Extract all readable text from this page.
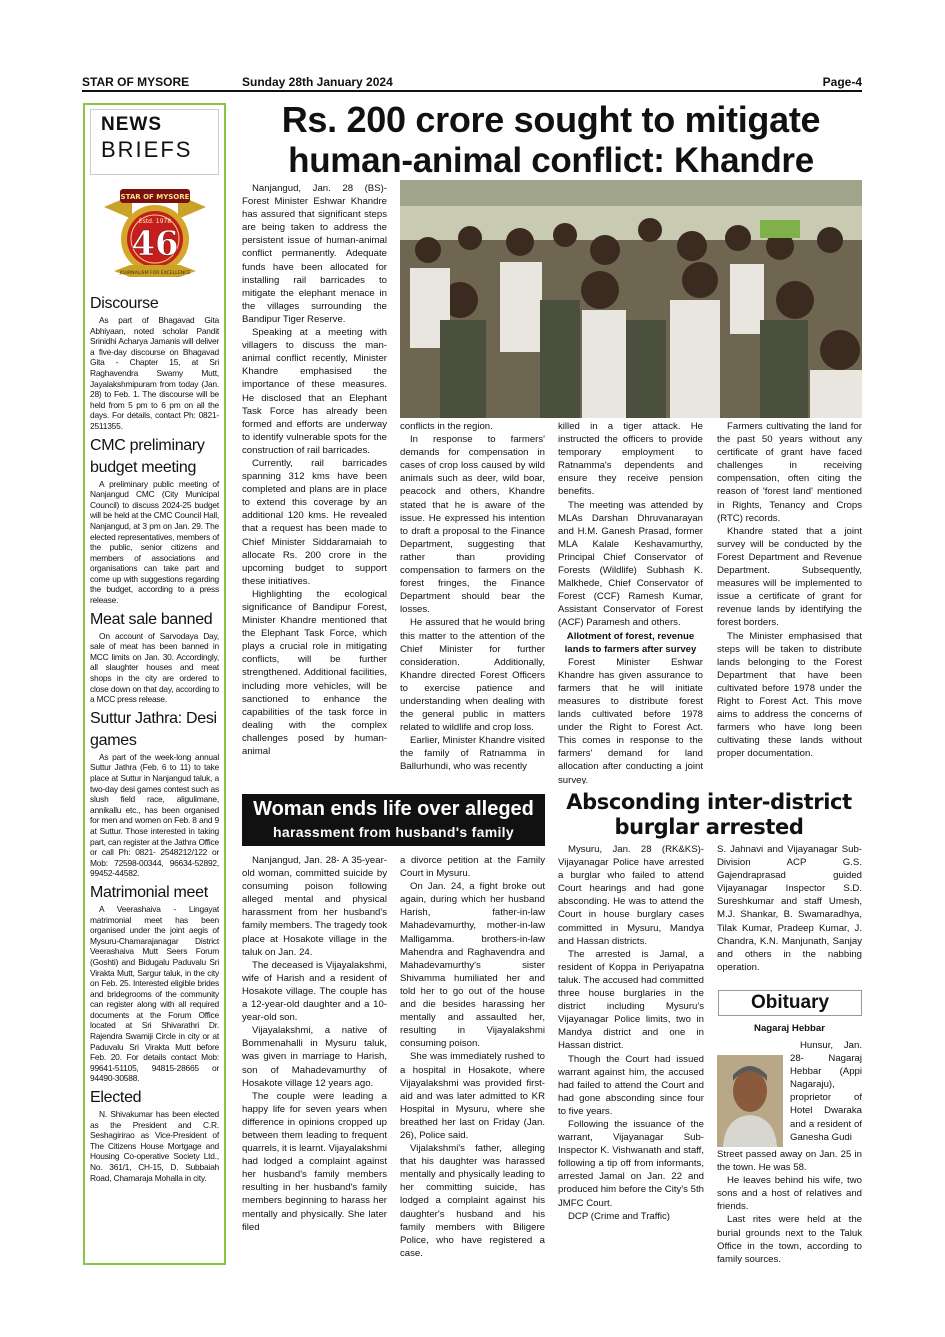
STAR OF MYSORE	Sunday 28th January 2024	Page-4
NEWS
BRIEFS
STAR OF MYSORE
Estd. 1978
46
JOURNALISM FOR EXCELLENCE
Discourse

As part of Bhagavad Gita Abhiyaan, noted scholar Pandit Srinidhi Acharya Jamanis will deliver a five-day discourse on Bhagavad Gita - Chapter 15, at Sri Raghavendra Swamy Mutt, Jayalakshmipuram from today (Jan. 28) to Feb. 1. The discourse will be held from 5 pm to 6 pm on all the days. For details, contact Ph: 0821-2511355.

CMC preliminary budget meeting

A preliminary public meeting of Nanjangud CMC (City Municipal Council) to discuss 2024-25 budget will be held at the CMC Council Hall, Nanjangud, at 3 pm on Jan. 29. The elected representatives, members of the public, senior citizens and members of associations and organisations can take part and come up with suggestions regarding the budget, according to a press release.

Meat sale banned

On account of Sarvodaya Day, sale of meat has been banned in MCC limits on Jan. 30. Accordingly, all slaughter houses and meat shops in the city are ordered to close down on that day, according to a MCC press release.

Suttur Jathra: Desi games

As part of the week-long annual Suttur Jathra (Feb. 6 to 11) to take place at Suttur in Nanjangud taluk, a two-day desi games contest such as slush field race, aligulimane, annikallu etc., has been organised for men and women on Feb. 8 and 9 at Suttur. Those interested in taking part, can register at the Jathra Office or call Ph: 0821- 2548212/122 or Mob: 72598-00344, 96634-52892, 99452-44582.

Matrimonial meet

A Veerashaiva - Lingayat matrimonial meet has been organised under the joint aegis of Mysuru-Chamarajanagar District Veerashaiva Mutt Seers Forum (Goshti) and Bidugalu Paduvalu Sri Virakta Mutt, Sargur taluk, in the city on Feb. 25. Interested eligible brides and bridegrooms of the community can register along with all required documents at the Forum Office located at Sri Shivarathri Dr. Rajendra Swamiji Circle in city or at Paduvalu Sri Virakta Mutt before Feb. 20. For details contact Mob: 99641-51105, 94815-28665 or 94490-30588.

Elected

N. Shivakumar has been elected as the President and C.R. Seshagirirao as Vice-President of The Citizens House Mortgage and Housing Co-operative Society Ltd., No. 361/1, CH-15, D. Subbaiah Road, Chamaraja Mohalla in city.

Rs. 200 crore sought to mitigate
human-animal conflict: Khandre

Nanjangud, Jan. 28 (BS)- Forest Minister Eshwar Khandre has assured that significant steps are being taken to address the persistent issue of human-animal conflict permanently. Adequate funds have been allocated for installing rail barricades to mitigate the elephant menace in the villages surrounding the Bandipur Tiger Reserve.

Speaking at a meeting with villagers to discuss the man-animal conflict recently, Minister Khandre emphasised the importance of these measures. He disclosed that an Elephant Task Force has already been formed and efforts are underway to identify vulnerable spots for the construction of rail barricades.

Currently, rail barricades spanning 312 kms have been completed and plans are in place to extend this coverage by an additional 120 kms. He revealed that a request has been made to Chief Minister Siddaramaiah to allocate Rs. 200 crore in the upcoming budget to support these initiatives.

Highlighting the ecological significance of Bandipur Forest, Minister Khandre mentioned that the Elephant Task Force, which plays a crucial role in mitigating conflicts, will be further strengthened. Additional facilities, including more vehicles, will be sanctioned to enhance the capabilities of the task force in dealing with the complex challenges posed by human-animal

conflicts in the region.

In response to farmers' demands for compensation in cases of crop loss caused by wild animals such as deer, wild boar, peacock and others, Khandre stated that he is aware of the issue. He expressed his intention to draft a proposal to the Finance Department, suggesting that rather than providing compensation to farmers on the forest fringes, the Finance Department should bear the losses.

He assured that he would bring this matter to the attention of the Chief Minister for further consideration. Additionally, Khandre directed Forest Officers to exercise patience and understanding when dealing with the general public in matters related to wildlife and crop loss.

Earlier, Minister Khandre visited the family of Ratnamma in Ballurhundi, who was recently

killed in a tiger attack. He instructed the officers to provide temporary employment to Ratnamma's dependents and ensure they receive pension benefits.

The meeting was attended by MLAs Darshan Dhruvanarayan and H.M. Ganesh Prasad, former MLA Kalale Keshavamurthy, Principal Chief Conservator of Forests (Wildlife) Subhash K. Malkhede, Chief Conservator of Forest (CCF) Ramesh Kumar, Assistant Conservator of Forest (ACF) Paramesh and others.

Allotment of forest, revenue lands to farmers after survey

Forest Minister Eshwar Khandre has given assurance to farmers that he will initiate measures to distribute forest lands cultivated before 1978 under the Right to Forest Act. This comes in response to the farmers' demand for land allocation after conducting a joint survey.

Farmers cultivating the land for the past 50 years without any certificate of grant have faced challenges in receiving compensation, often citing the reason of 'forest land' mentioned in Rights, Tenancy and Crops (RTC) records.

Khandre stated that a joint survey will be conducted by the Forest Department and Revenue Department. Subsequently, measures will be implemented to issue a certificate of grant for revenue lands by identifying the forest borders.

The Minister emphasised that steps will be taken to distribute lands belonging to the Forest Department that have been cultivated before 1978 under the Right to Forest Act. This move aims to address the concerns of farmers who have long been cultivating these lands without proper documentation.

Woman ends life over alleged
harassment from husband's family

Nanjangud, Jan. 28- A 35-year-old woman, committed suicide by consuming poison following alleged mental and physical harassment from her husband's family members. The tragedy took place at Hosakote village in the taluk on Jan. 24.

The deceased is Vijayalakshmi, wife of Harish and a resident of Hosakote village. The couple has a 12-year-old daughter and a 10-year-old son.

Vijayalakshmi, a native of Bommenahalli in Mysuru taluk, was given in marriage to Harish, son of Mahadevamurthy of Hosakote village 12 years ago.

The couple were leading a happy life for seven years when difference in opinions cropped up between them leading to frequent quarrels, it is learnt. Vijayalakshmi had lodged a complaint against her husband's family members resulting in her husband's family members beginning to harass her mentally and physically. She later filed

a divorce petition at the Family Court in Mysuru.

On Jan. 24, a fight broke out again, during which her husband Harish, father-in-law Mahadevamurthy, mother-in-law Malligamma. brothers-in-law Mahendra and Raghavendra and Mahadevamurthy's sister Shivamma humiliated her and told her to go out of the house and die besides harassing her mentally and assaulted her, resulting in Vijayalakshmi consuming poison.

She was immediately rushed to a hospital in Hosakote, where Vijayalakshmi was provided first-aid and was later admitted to KR Hospital in Mysuru, where she breathed her last on Friday (Jan. 26), Police said.

Vijalakshmi's father, alleging that his daughter was harassed mentally and physically leading to her committing suicide, has lodged a complaint against his daughter's husband and his family members with Biligere Police, who have registered a case.

Absconding inter-district burglar arrested

Mysuru, Jan. 28 (RK&KS)- Vijayanagar Police have arrested a burglar who failed to attend Court hearings and had gone absconding. He was to attend the Court in house burglary cases committed in Mysuru, Mandya and Hassan districts.

The arrested is Jamal, a resident of Koppa in Periyapatna taluk. The accused had committed three house burglaries in the district including Mysuru's Vijayanagar Police limits, two in Mandya district and one in Hassan district.

Though the Court had issued warrant against him, the accused had failed to attend the Court and had gone absconding since four to five years.

Following the issuance of the warrant, Vijayanagar Sub-Inspector K. Vishwanath and staff, following a tip off from informants, arrested Jamal on Jan. 22 and produced him before the City's 5th JMFC Court.

DCP (Crime and Traffic)

S. Jahnavi and Vijayanagar Sub-Division ACP G.S. Gajendraprasad guided Vijayanagar Inspector S.D. Sureshkumar and staff Umesh, M.J. Shankar, B. Swamaradhya, Tilak Kumar, Pradeep Kumar, J. Chandra, K.N. Manjunath, Sanjay and others in the nabbing operation.

Obituary

Nagaraj Hebbar

Hunsur, Jan. 28- Nagaraj Hebbar (Appi Nagaraju), proprietor of Hotel Dwaraka and a resident of Ganesha Gudi

Street passed away on Jan. 25 in the town. He was 58.

He leaves behind his wife, two sons and a host of relatives and friends.

Last rites were held at the burial grounds next to the Taluk Office in the town, according to family sources.
